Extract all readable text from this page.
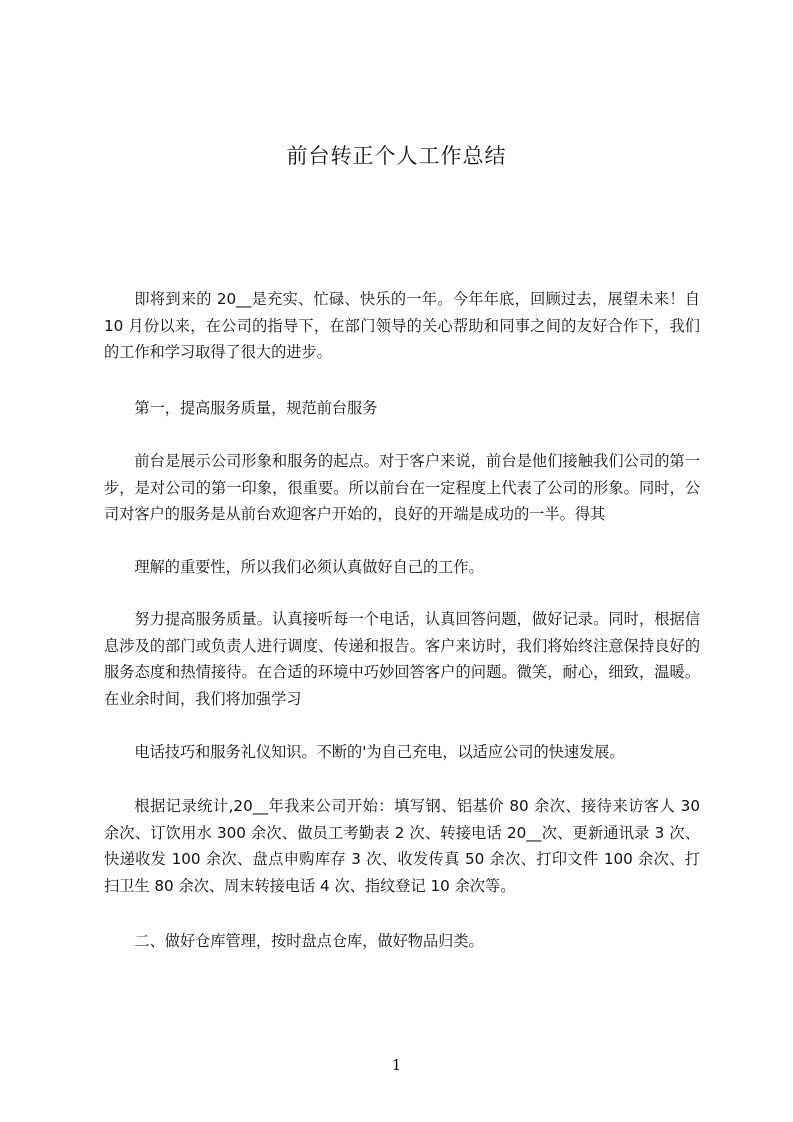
前台转正个人工作总结

即将到来的 20__是充实、忙碌、快乐的一年。今年年底，回顾过去，展望未来！自 10 月份以来，在公司的指导下，在部门领导的关心帮助和同事之间的友好合作下，我们的工作和学习取得了很大的进步。

第一，提高服务质量，规范前台服务

前台是展示公司形象和服务的起点。对于客户来说，前台是他们接触我们公司的第一步，是对公司的第一印象，很重要。所以前台在一定程度上代表了公司的形象。同时，公司对客户的服务是从前台欢迎客户开始的，良好的开端是成功的一半。得其

理解的重要性，所以我们必须认真做好自己的工作。

努力提高服务质量。认真接听每一个电话，认真回答问题，做好记录。同时，根据信息涉及的部门或负责人进行调度、传递和报告。客户来访时，我们将始终注意保持良好的服务态度和热情接待。在合适的环境中巧妙回答客户的问题。微笑，耐心，细致，温暖。在业余时间，我们将加强学习

电话技巧和服务礼仪知识。不断的'为自己充电，以适应公司的快速发展。

根据记录统计,20__年我来公司开始：填写钢、铝基价 80 余次、接待来访客人 30 余次、订饮用水 300 余次、做员工考勤表 2 次、转接电话 20__次、更新通讯录 3 次、快递收发 100 余次、盘点申购库存 3 次、收发传真 50 余次、打印文件 100 余次、打扫卫生 80 余次、周末转接电话 4 次、指纹登记 10 余次等。

二、做好仓库管理，按时盘点仓库，做好物品归类。

1
